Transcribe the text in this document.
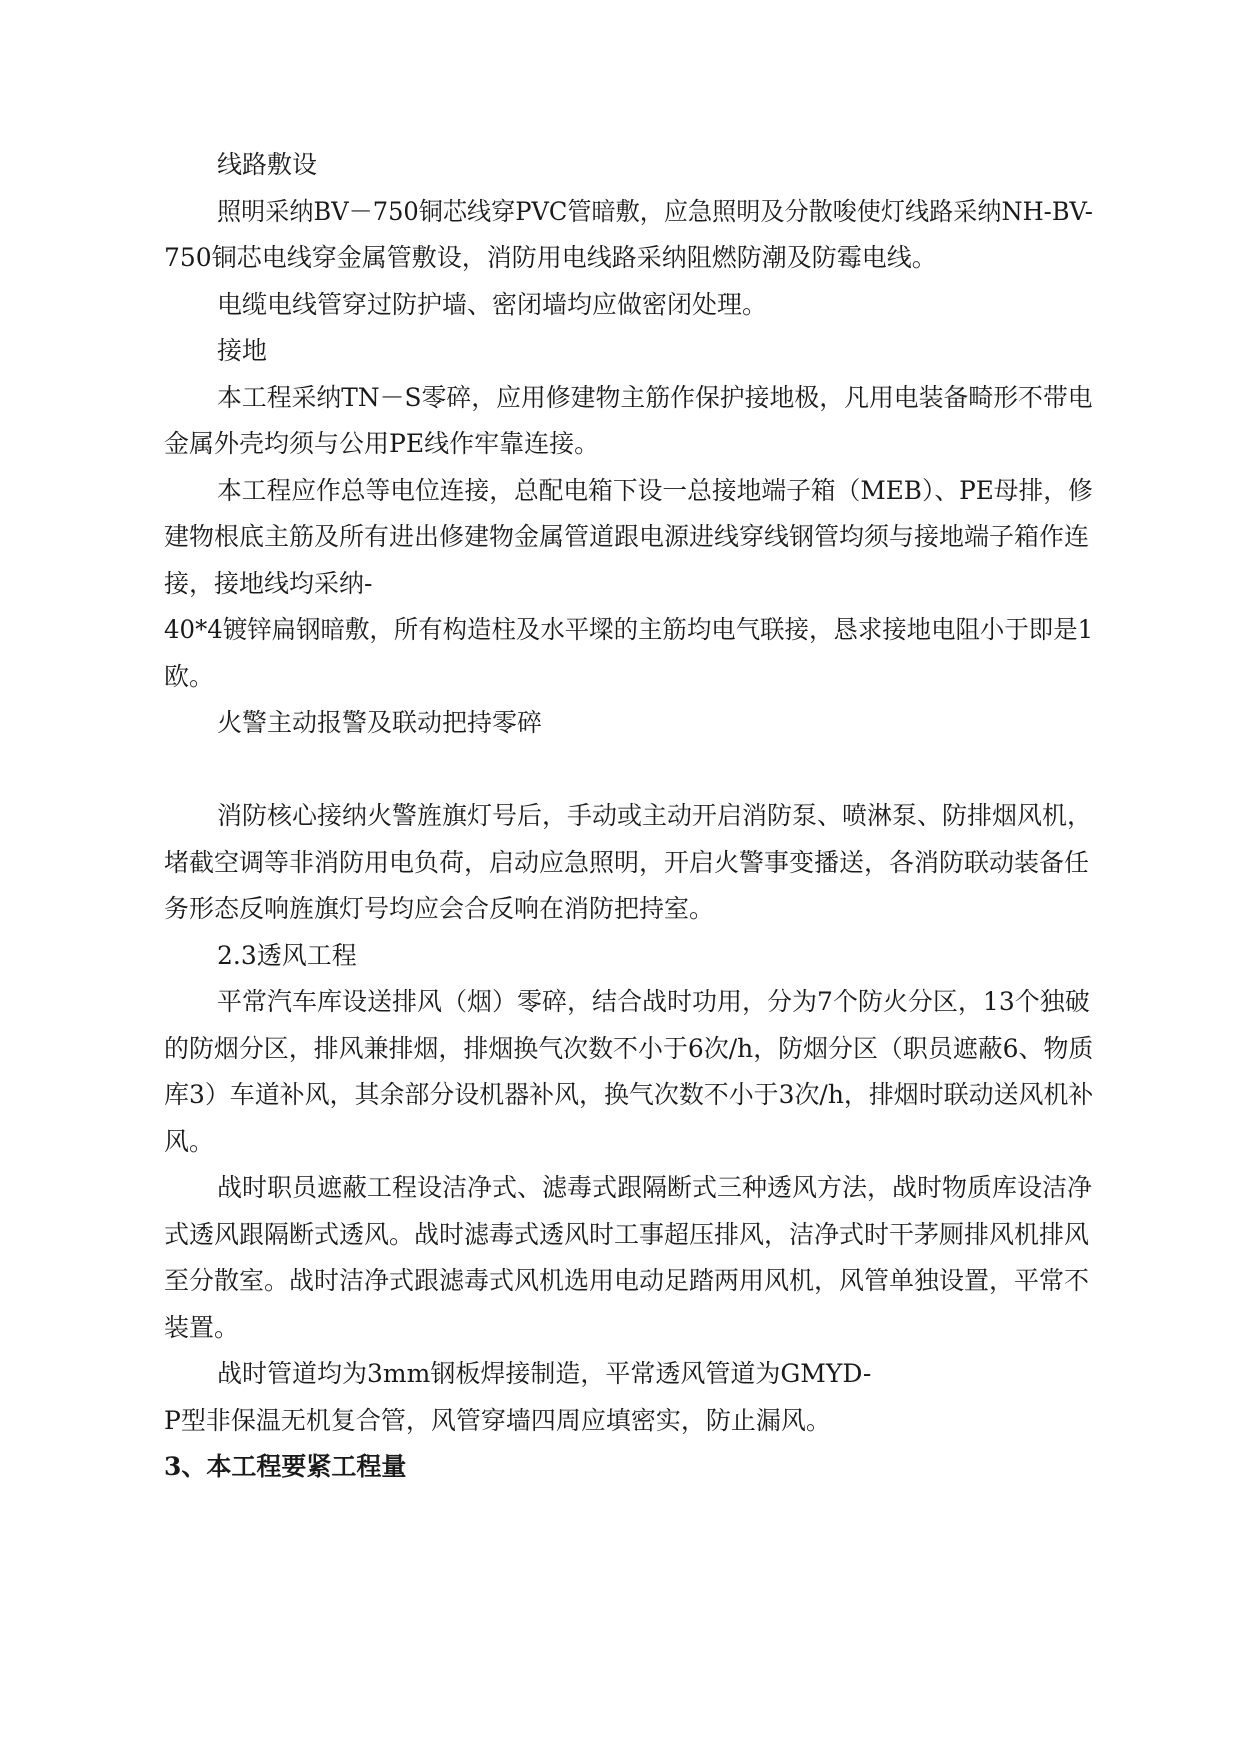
线路敷设
照明采纳BV－750铜芯线穿PVC管暗敷，应急照明及分散唆使灯线路采纳NH-BV-
750铜芯电线穿金属管敷设，消防用电线路采纳阻燃防潮及防霉电线。
电缆电线管穿过防护墙、密闭墙均应做密闭处理。
接地
本工程采纳TN－S零碎，应用修建物主筋作保护接地极，凡用电装备畸形不带电
金属外壳均须与公用PE线作牢靠连接。
本工程应作总等电位连接，总配电箱下设一总接地端子箱（MEB）、PE母排，修
建物根底主筋及所有进出修建物金属管道跟电源进线穿线钢管均须与接地端子箱作连
接，接地线均采纳-
40*4镀锌扁钢暗敷，所有构造柱及水平墚的主筋均电气联接，恳求接地电阻小于即是1
欧。
火警主动报警及联动把持零碎
消防核心接纳火警旌旗灯号后，手动或主动开启消防泵、喷淋泵、防排烟风机，
堵截空调等非消防用电负荷，启动应急照明，开启火警事变播送，各消防联动装备任
务形态反响旌旗灯号均应会合反响在消防把持室。
2.3透风工程
平常汽车库设送排风（烟）零碎，结合战时功用，分为7个防火分区，13个独破
的防烟分区，排风兼排烟，排烟换气次数不小于6次/h，防烟分区（职员遮蔽6、物质
库3）车道补风，其余部分设机器补风，换气次数不小于3次/h，排烟时联动送风机补
风。
战时职员遮蔽工程设洁净式、滤毒式跟隔断式三种透风方法，战时物质库设洁净
式透风跟隔断式透风。战时滤毒式透风时工事超压排风，洁净式时干茅厕排风机排风
至分散室。战时洁净式跟滤毒式风机选用电动足踏两用风机，风管单独设置，平常不
装置。
战时管道均为3mm钢板焊接制造，平常透风管道为GMYD-
P型非保温无机复合管，风管穿墙四周应填密实，防止漏风。
3、本工程要紧工程量
